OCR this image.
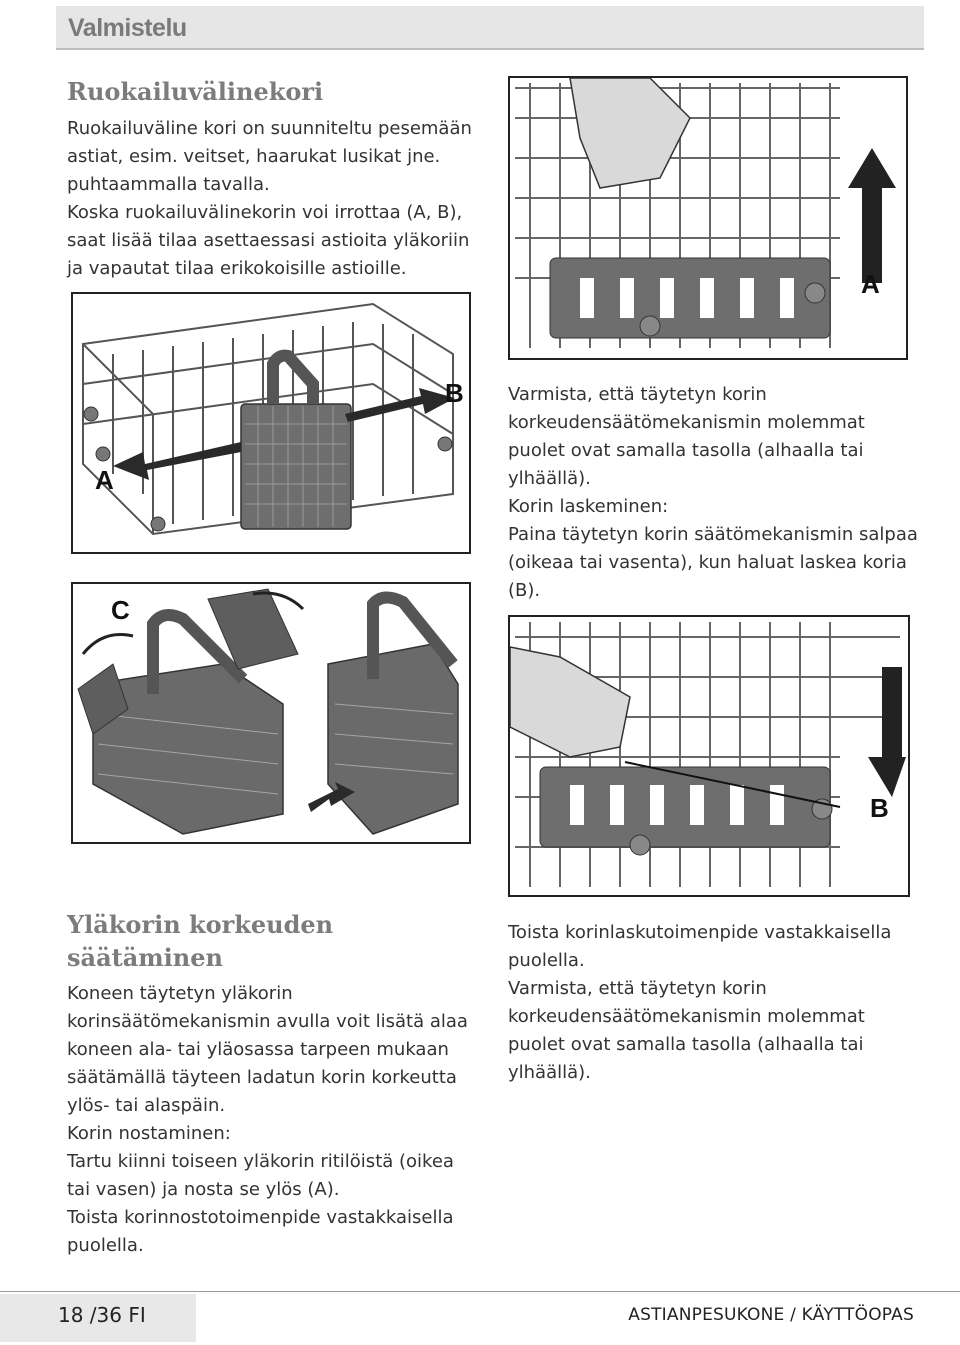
Valmistelu
Ruokailuvälinekori
Ruokailuväline kori on suunniteltu pesemään
astiat, esim. veitset, haarukat lusikat jne.
puhtaammalla tavalla.
Koska ruokailuvälinekorin voi irrottaa (A, B),
saat lisää tilaa asettaessasi astioita yläkoriin
ja vapautat tilaa erikokoisille astioille.
A
B
C
A
Varmista, että täytetyn korin
korkeudensäätömekanismin molemmat
puolet ovat samalla tasolla (alhaalla tai
ylhäällä).
Korin laskeminen:
Paina täytetyn korin säätömekanismin salpaa
(oikeaa tai vasenta), kun haluat laskea koria
(B).
B
Yläkorin korkeuden
säätäminen
Koneen täytetyn yläkorin
korinsäätömekanismin avulla voit lisätä alaa
koneen ala- tai yläosassa tarpeen mukaan
säätämällä täyteen ladatun korin korkeutta
ylös- tai alaspäin.
Korin nostaminen:
Tartu kiinni toiseen yläkorin ritilöistä (oikea
tai vasen) ja nosta se ylös (A).
Toista korinnostotoimenpide vastakkaisella
puolella.
Toista korinlaskutoimenpide vastakkaisella
puolella.
Varmista, että täytetyn korin
korkeudensäätömekanismin molemmat
puolet ovat samalla tasolla (alhaalla tai
ylhäällä).
18 /36 FI	ASTIANPESUKONE / KÄYTTÖOPAS
